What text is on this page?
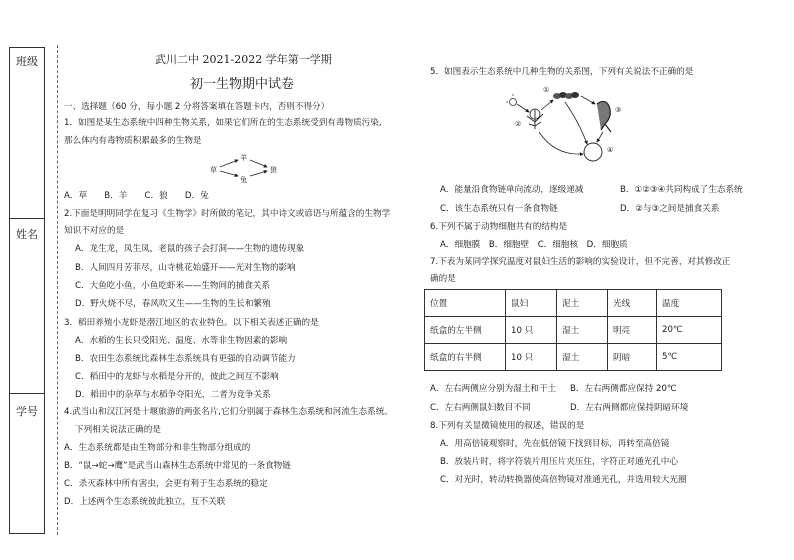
班级
姓名
学号
武川二中 2021-2022 学年第一学期
初一生物期中试卷
一、选择题（60 分，每小题 2 分将答案填在答题卡内，否则不得分）
1．如图是某生态系统中四种生物关系，如果它们所在的生态系统受到有毒物质污染,
那么体内有毒物质积累最多的生物是
草
羊
兔
狼
A．草　　B．羊　　C．狼　　D．兔
2.下面是明明同学在复习《生物学》时所做的笔记，其中诗文或谚语与所蕴含的生物学
知识不对应的是
A．龙生龙，凤生凤，老鼠的孩子会打洞——生物的遗传现象
B．人间四月芳菲尽，山寺桃花始盛开——光对生物的影响
C．大鱼吃小鱼，小鱼吃虾米——生物间的捕食关系
D．野火烧不尽，春风吹又生——生物的生长和繁殖
3．稻田养殖小龙虾是潜江地区的农业特色。以下相关表述正确的是
A．水稻的生长只受阳光、温度、水等非生物因素的影响
B．农田生态系统比森林生态系统具有更强的自动调节能力
C．稻田中的龙虾与水稻是分开的，彼此之间互不影响
D．稻田中的杂草与水稻争夺阳光，二者为竞争关系
4.武当山和汉江河是十堰旅游的两张名片,它们分别属于森林生态系统和河流生态系统。
下列相关说法正确的是
A．生态系统都是由生物部分和非生物部分组成的
B．“鼠→蛇→鹰”是武当山森林生态系统中常见的一条食物链
C．杀灭森林中所有害虫，会更有利于生态系统的稳定
D．上述两个生态系统彼此独立，互不关联
5．如图表示生态系统中几种生物的关系图，下列有关说法不正确的是
①
②
③
④
A．能量沿食物链单向流动，逐级递减	B．①②③④共同构成了生态系统
C．该生态系统只有一条食物链	D．②与③之间是捕食关系
6.下列不属于动物细胞共有的结构是
A．细胞膜　B．细胞壁　C．细胞核　D．细胞质
7.下表为某同学探究温度对鼠妇生活的影响的实验设计，但不完善，对其修改正
确的是
位置	鼠妇	泥土	光线	温度
纸盒的左半侧	10 只	湿土	明亮	20℃
纸盒的右半侧	10 只	湿土	阴暗	5℃
A．左右两侧应分别为湿土和干土 B．左右两侧都应保持 20℃
C．左右两侧鼠妇数目不同	D．左右两侧都应保持阴暗环境
8.下列有关显微镜使用的叙述，错误的是
A．用高倍镜观察时，先在低倍镜下找到目标，再转至高倍镜
B．放装片时，将字符装片用压片夹压住，字符正对通光孔中心
C．对光时，转动转换器使高倍物镜对准通光孔，并选用较大光圈
